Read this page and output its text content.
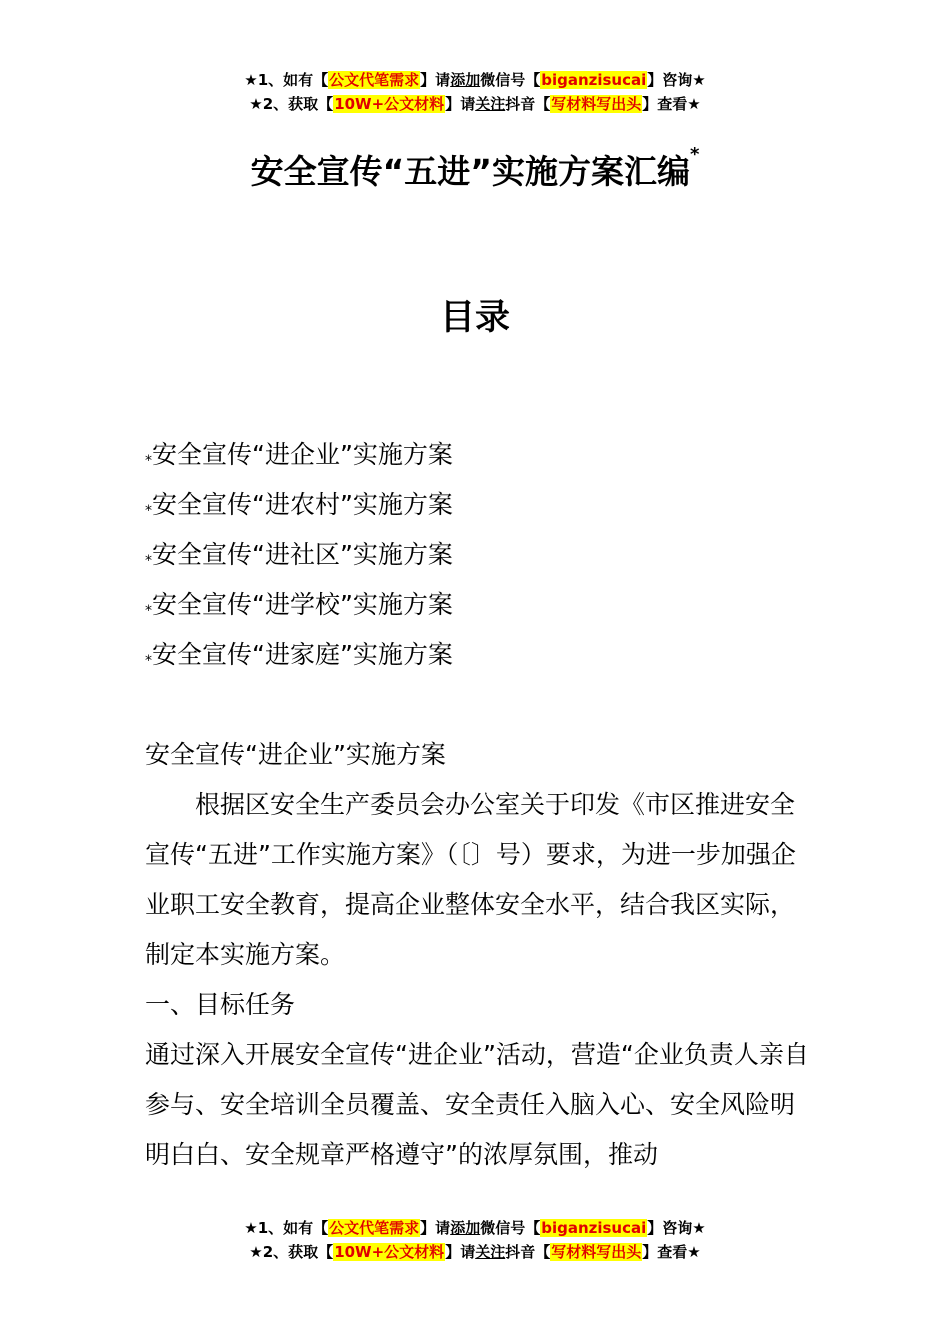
★1、如有【公文代笔需求】请添加微信号【biganzisucai】咨询★
★2、获取【10W+公文材料】请关注抖音【写材料写出头】查看★
安全宣传“五进”实施方案汇编*
目录
*安全宣传“进企业”实施方案
*安全宣传“进农村”实施方案
*安全宣传“进社区”实施方案
*安全宣传“进学校”实施方案
*安全宣传“进家庭”实施方案

安全宣传“进企业”实施方案

根据区安全生产委员会办公室关于印发《市区推进安全宣传“五进”工作实施方案》（〔〕号）要求，为进一步加强企业职工安全教育，提高企业整体安全水平，结合我区实际，制定本实施方案。

一、目标任务

通过深入开展安全宣传“进企业”活动，营造“企业负责人亲自参与、安全培训全员覆盖、安全责任入脑入心、安全风险明明白白、安全规章严格遵守”的浓厚氛围，推动

★1、如有【公文代笔需求】请添加微信号【biganzisucai】咨询★
★2、获取【10W+公文材料】请关注抖音【写材料写出头】查看★
